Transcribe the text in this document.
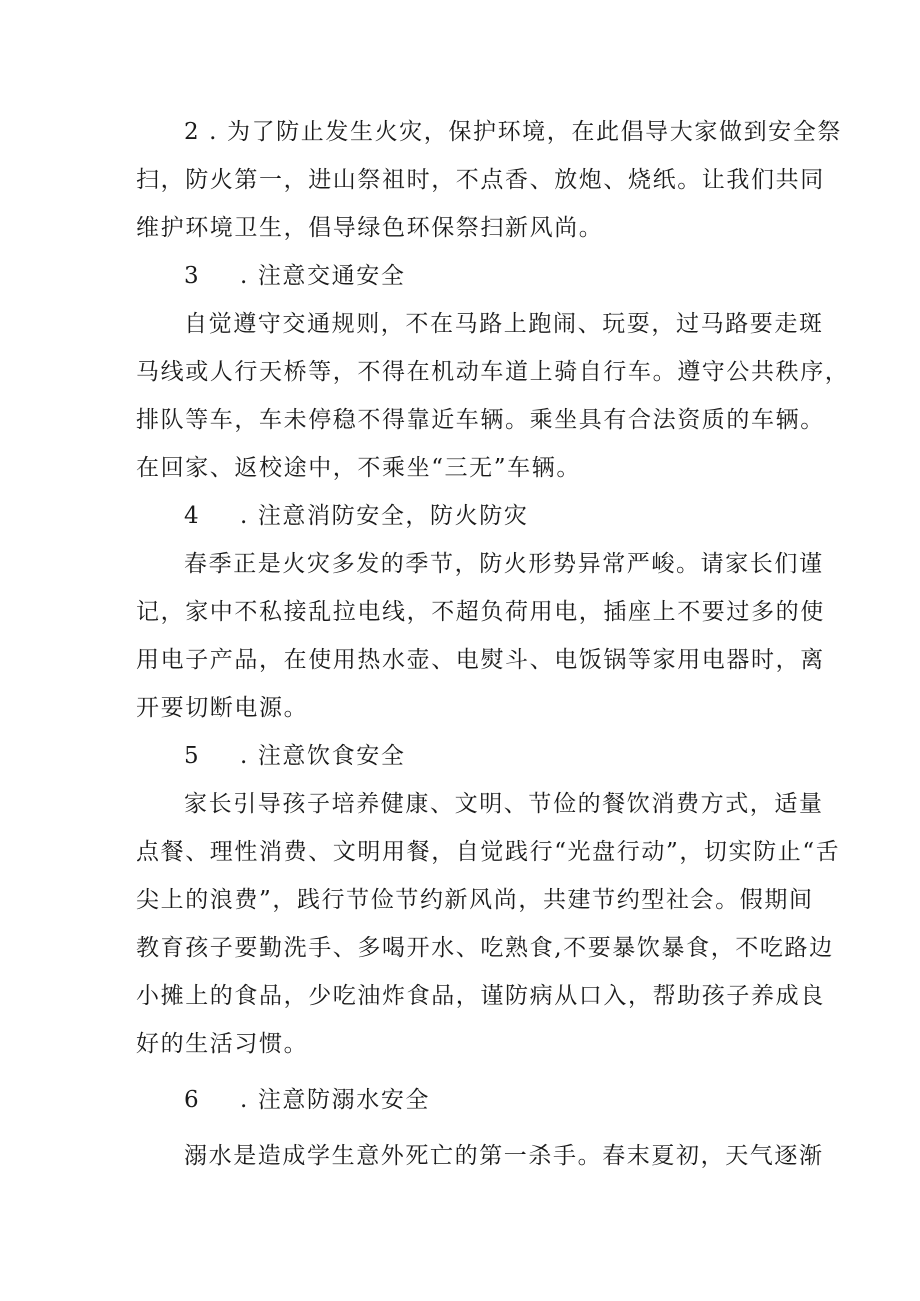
2 . 为了防止发生火灾，保护环境，在此倡导大家做到安全祭

扫，防火第一，进山祭祖时，不点香、放炮、烧纸。让我们共同

维护环境卫生，倡导绿色环保祭扫新风尚。

3 . 注意交通安全

自觉遵守交通规则，不在马路上跑闹、玩耍，过马路要走斑

马线或人行天桥等，不得在机动车道上骑自行车。遵守公共秩序，

排队等车，车未停稳不得靠近车辆。乘坐具有合法资质的车辆。

在回家、返校途中，不乘坐“三无”车辆。

4 . 注意消防安全，防火防灾

春季正是火灾多发的季节，防火形势异常严峻。请家长们谨

记，家中不私接乱拉电线，不超负荷用电，插座上不要过多的使

用电子产品，在使用热水壶、电熨斗、电饭锅等家用电器时，离

开要切断电源。

5 . 注意饮食安全

家长引导孩子培养健康、文明、节俭的餐饮消费方式，适量

点餐、理性消费、文明用餐，自觉践行“光盘行动”，切实防止“舌

尖上的浪费”，践行节俭节约新风尚，共建节约型社会。假期间

教育孩子要勤洗手、多喝开水、吃熟食,不要暴饮暴食，不吃路边

小摊上的食品，少吃油炸食品，谨防病从口入，帮助孩子养成良

好的生活习惯。

6 . 注意防溺水安全

溺水是造成学生意外死亡的第一杀手。春末夏初，天气逐渐
